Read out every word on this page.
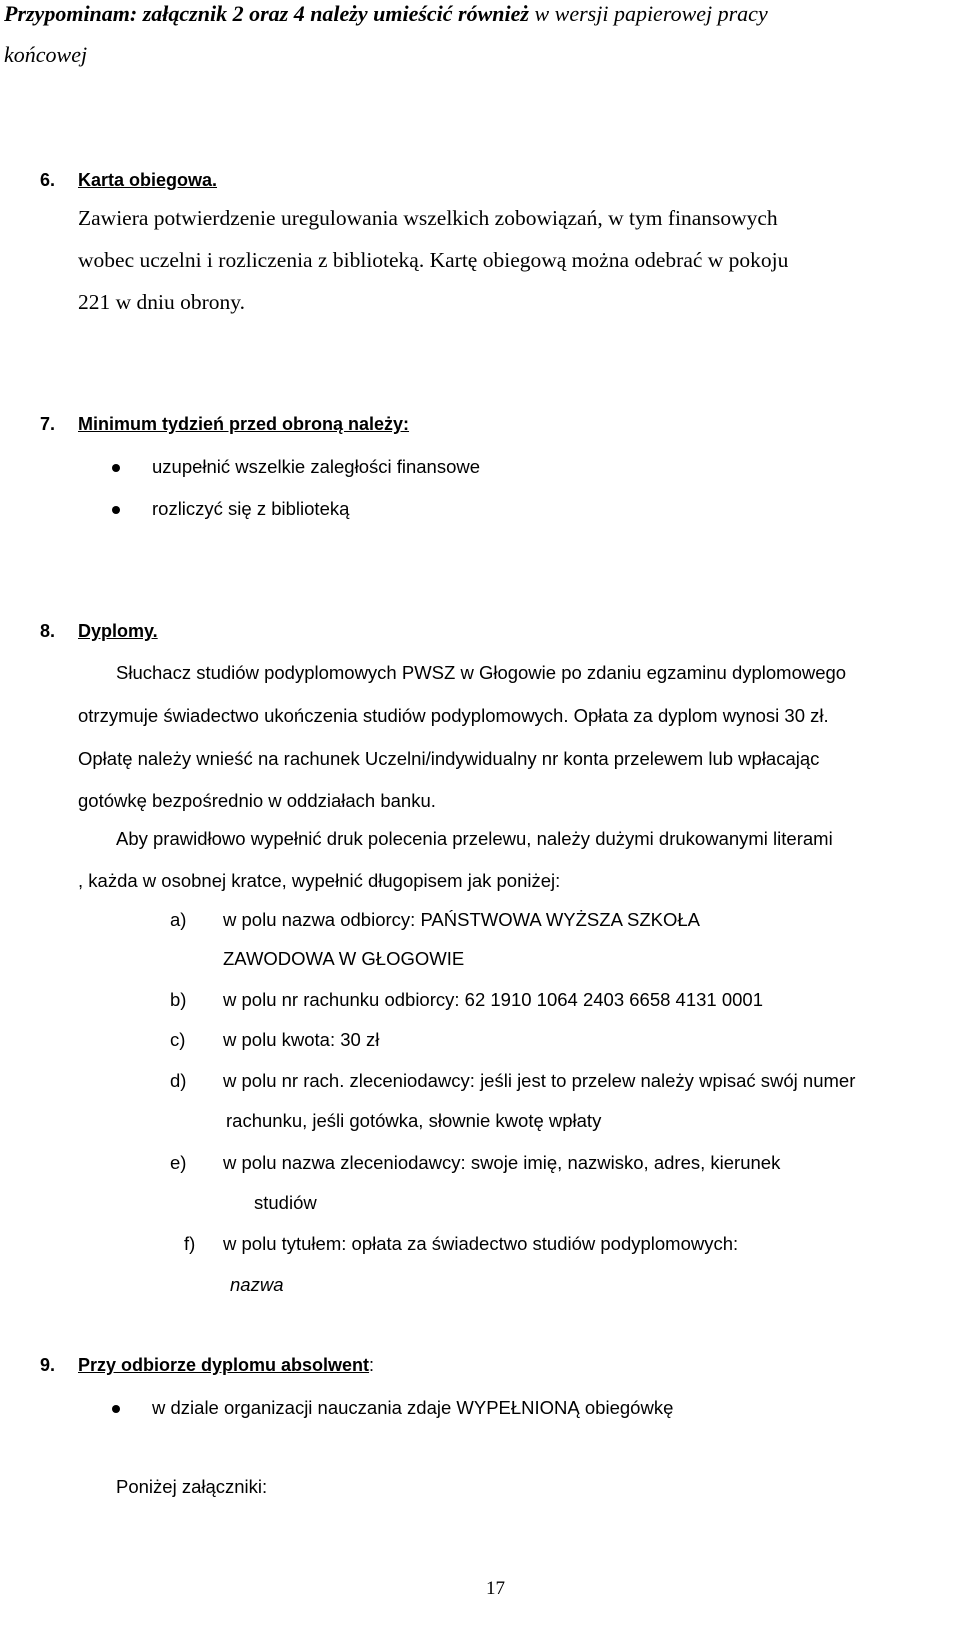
Przypominam: załącznik 2 oraz 4 należy umieścić również w wersji papierowej pracy
końcowej
6. Karta obiegowa.
Zawiera potwierdzenie uregulowania wszelkich zobowiązań, w tym finansowych
wobec uczelni i rozliczenia z biblioteką. Kartę obiegową można odebrać w pokoju
221 w dniu obrony.
7. Minimum tydzień przed obroną należy:
uzupełnić wszelkie zaległości finansowe
rozliczyć się z biblioteką
8. Dyplomy.
Słuchacz studiów podyplomowych PWSZ w Głogowie po zdaniu egzaminu dyplomowego
otrzymuje świadectwo ukończenia studiów podyplomowych. Opłata za dyplom wynosi 30 zł.
Opłatę należy wnieść na rachunek Uczelni/indywidualny nr konta przelewem lub wpłacając
gotówkę bezpośrednio w oddziałach banku.
Aby prawidłowo wypełnić druk polecenia przelewu, należy dużymi drukowanymi literami
, każda w osobnej kratce, wypełnić długopisem jak poniżej:
a) w polu nazwa odbiorcy: PAŃSTWOWA WYŻSZA SZKOŁA
ZAWODOWA W GŁOGOWIE
b) w polu nr rachunku odbiorcy: 62 1910 1064 2403 6658 4131 0001
c) w polu kwota: 30 zł
d) w polu nr rach. zleceniodawcy: jeśli jest to przelew należy wpisać swój numer
rachunku, jeśli gotówka, słownie kwotę wpłaty
e) w polu nazwa zleceniodawcy: swoje imię, nazwisko, adres, kierunek
studiów
f) w polu tytułem: opłata za świadectwo studiów podyplomowych:
nazwa
9. Przy odbiorze dyplomu absolwent:
w dziale organizacji nauczania zdaje WYPEŁNIONĄ obiegówkę
Poniżej załączniki:
17
